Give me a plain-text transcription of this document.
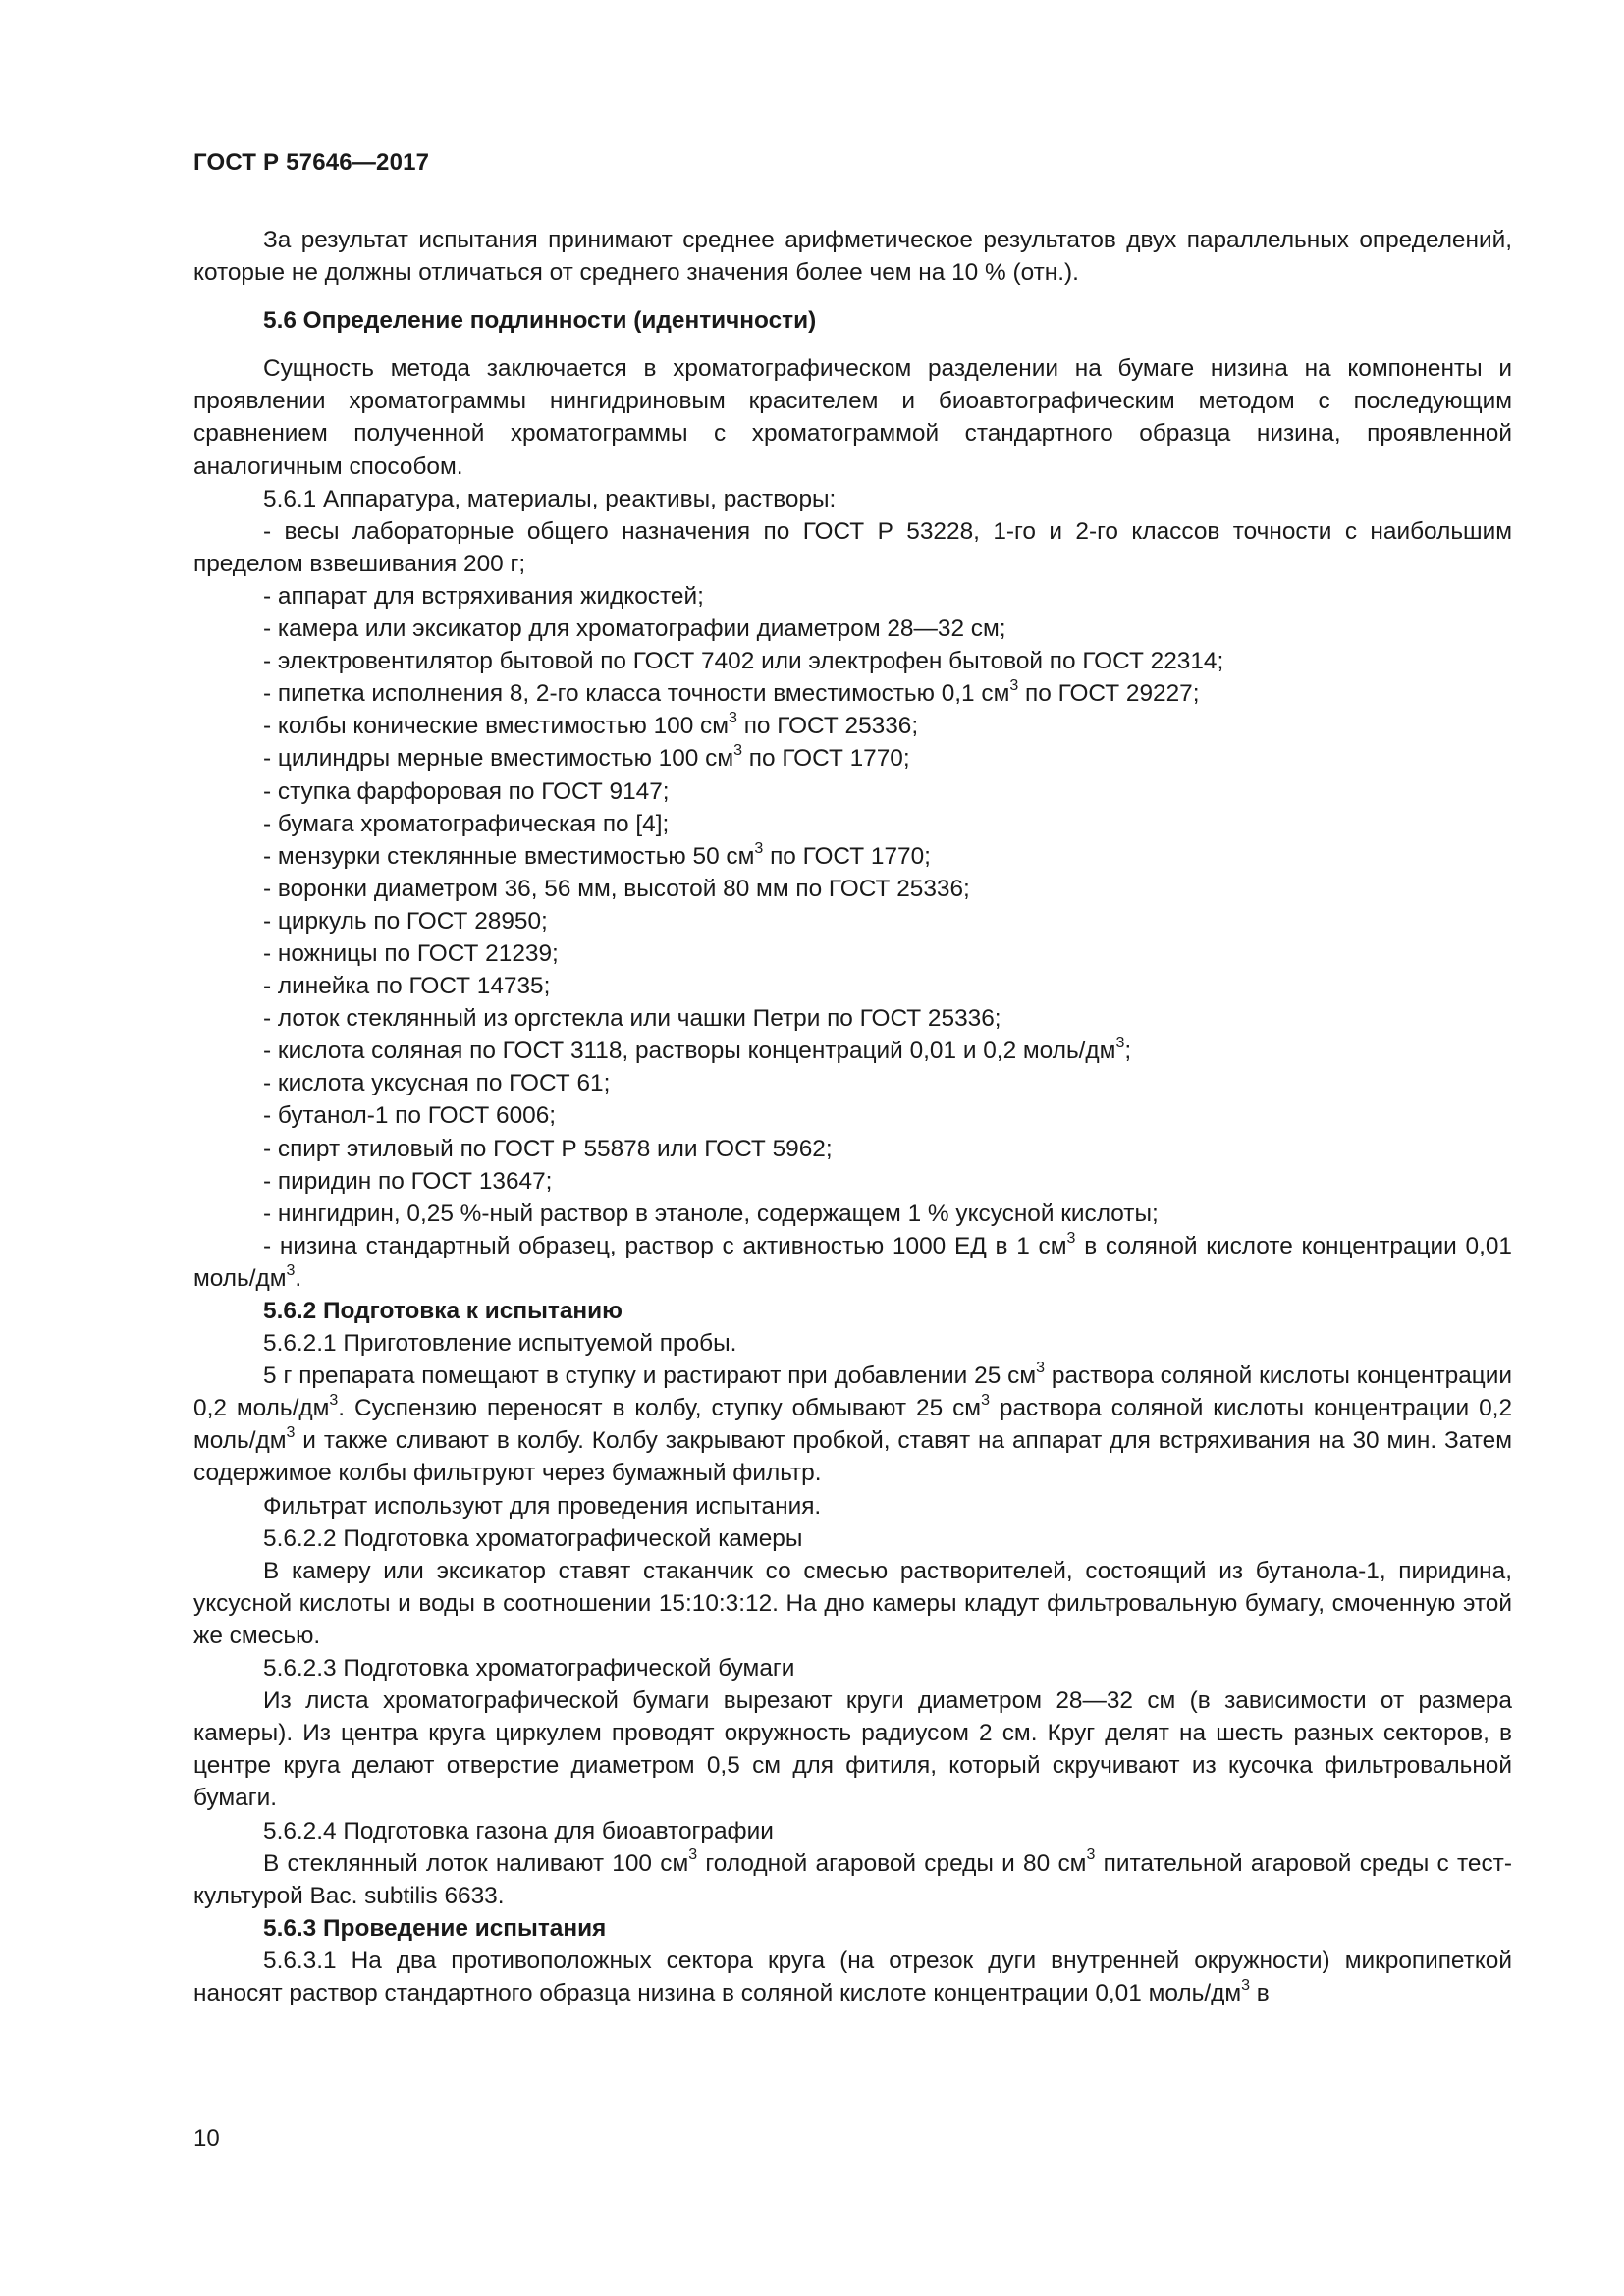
ГОСТ Р 57646—2017

За результат испытания принимают среднее арифметическое результатов двух параллельных определений, которые не должны отличаться от среднего значения более чем на 10 % (отн.).

5.6 Определение подлинности (идентичности)

Сущность метода заключается в хроматографическом разделении на бумаге низина на компоненты и проявлении хроматограммы нингидриновым красителем и биоавтографическим методом с последующим сравнением полученной хроматограммы с хроматограммой стандартного образца низина, проявленной аналогичным способом.

5.6.1 Аппаратура, материалы, реактивы, растворы:

- весы лабораторные общего назначения по ГОСТ Р 53228, 1-го и 2-го классов точности с наибольшим пределом взвешивания 200 г;

- аппарат для встряхивания жидкостей;

- камера или эксикатор для хроматографии диаметром 28—32 см;

- электровентилятор бытовой по ГОСТ 7402 или электрофен бытовой по ГОСТ 22314;

- пипетка исполнения 8, 2-го класса точности вместимостью 0,1 $см^3$ по ГОСТ 29227;

- колбы конические вместимостью 100 $см^3$ по ГОСТ 25336;

- цилиндры мерные вместимостью 100 $см^3$ по ГОСТ 1770;

- ступка фарфоровая по ГОСТ 9147;

- бумага хроматографическая по [4];

- мензурки стеклянные вместимостью 50 $см^3$ по ГОСТ 1770;

- воронки диаметром 36, 56 мм, высотой 80 мм по ГОСТ 25336;

- циркуль по ГОСТ 28950;

- ножницы по ГОСТ 21239;

- линейка по ГОСТ 14735;

- лоток стеклянный из оргстекла или чашки Петри по ГОСТ 25336;

- кислота соляная по ГОСТ 3118, растворы концентраций 0,01 и 0,2 моль/$дм^3$;

- кислота уксусная по ГОСТ 61;

- бутанол-1 по ГОСТ 6006;

- спирт этиловый по ГОСТ Р 55878 или ГОСТ 5962;

- пиридин по ГОСТ 13647;

- нингидрин, 0,25 %-ный раствор в этаноле, содержащем 1 % уксусной кислоты;

- низина стандартный образец, раствор с активностью 1000 ЕД в 1 $см^3$ в соляной кислоте концентрации 0,01 моль/$дм^3$.

5.6.2 Подготовка к испытанию

5.6.2.1 Приготовление испытуемой пробы.

5 г препарата помещают в ступку и растирают при добавлении 25 $см^3$ раствора соляной кислоты концентрации 0,2 моль/$дм^3$. Суспензию переносят в колбу, ступку обмывают 25 $см^3$ раствора соляной кислоты концентрации 0,2 моль/$дм^3$ и также сливают в колбу. Колбу закрывают пробкой, ставят на аппарат для встряхивания на 30 мин. Затем содержимое колбы фильтруют через бумажный фильтр.

Фильтрат используют для проведения испытания.

5.6.2.2 Подготовка хроматографической камеры

В камеру или эксикатор ставят стаканчик со смесью растворителей, состоящий из бутанола-1, пиридина, уксусной кислоты и воды в соотношении 15:10:3:12. На дно камеры кладут фильтровальную бумагу, смоченную этой же смесью.

5.6.2.3 Подготовка хроматографической бумаги

Из листа хроматографической бумаги вырезают круги диаметром 28—32 см (в зависимости от размера камеры). Из центра круга циркулем проводят окружность радиусом 2 см. Круг делят на шесть разных секторов, в центре круга делают отверстие диаметром 0,5 см для фитиля, который скручивают из кусочка фильтровальной бумаги.

5.6.2.4 Подготовка газона для биоавтографии

В стеклянный лоток наливают 100 $см^3$ голодной агаровой среды и 80 $см^3$ питательной агаровой среды с тест-культурой Bac. subtilis 6633.

5.6.3 Проведение испытания

5.6.3.1 На два противоположных сектора круга (на отрезок дуги внутренней окружности) микропипеткой наносят раствор стандартного образца низина в соляной кислоте концентрации 0,01 моль/$дм^3$ в

10
